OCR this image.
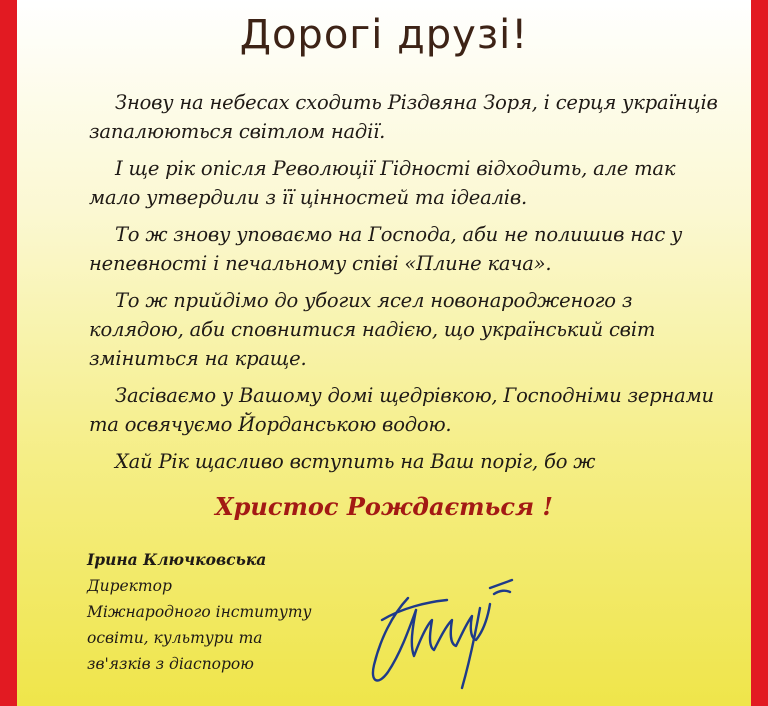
Дорогі друзі!

Знову на небесах сходить Різдвяна Зоря, і серця українців запалюються світлом надії.

І ще рік опісля Революції Гідності відходить, але так мало утвердили з її цінностей та ідеалів.

То ж знову уповаємо на Господа, аби не полишив нас у непевності і печальному співі «Плине кача».

То ж прийдімо до убогих ясел новонародженого з колядою, аби сповнитися надією, що український світ зміниться на краще.

Засіваємо у Вашому домі щедрівкою, Господніми зернами та освячуємо Йорданською водою.

Хай Рік щасливо вступить на Ваш поріг, бо ж

Христос Рождається !
Ірина Ключковська
Директор
Міжнародного інституту
освіти, культури та
зв'язків з діаспорою
